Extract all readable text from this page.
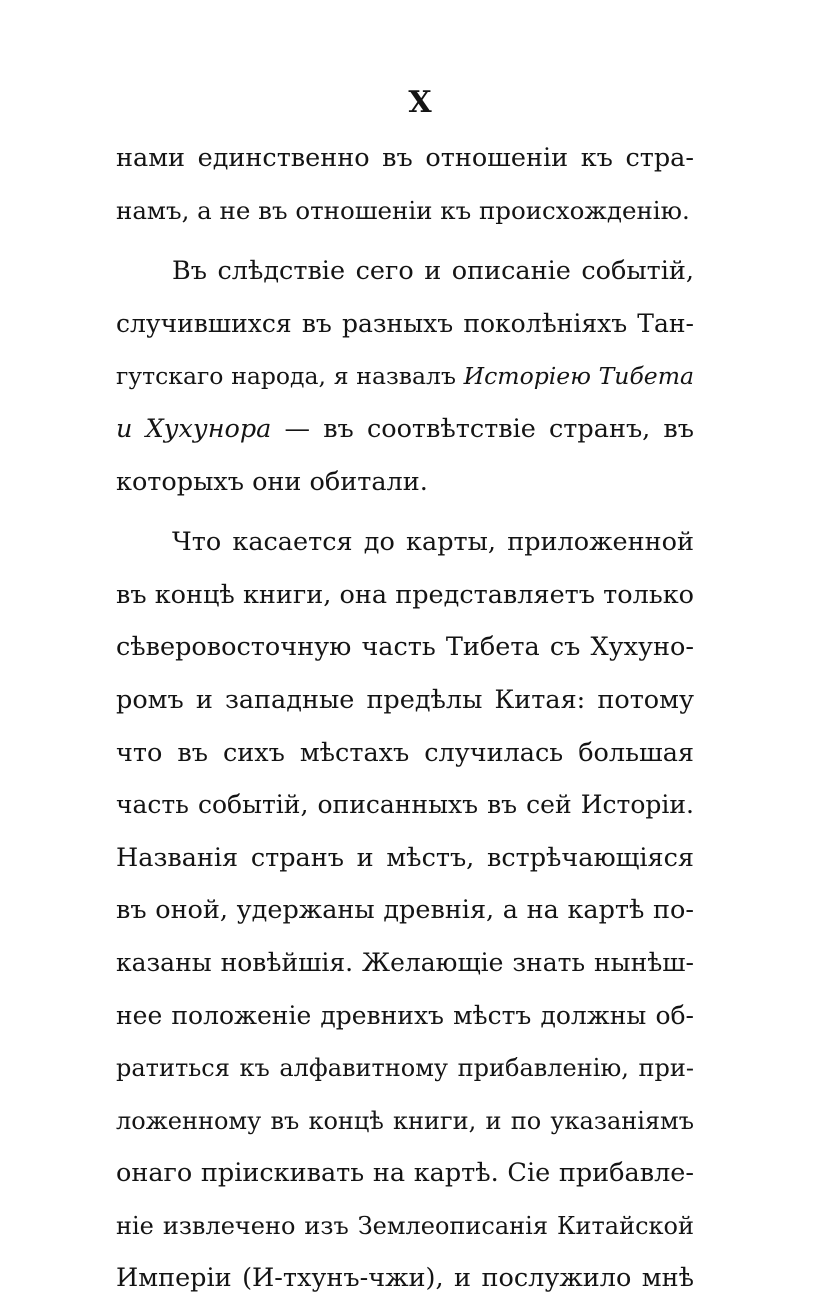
X
нами единственно въ отношеніи къ стра-
намъ, а не въ отношеніи къ происхожденію.
Въ слѣдствіе сего и описаніе событій,
случившихся въ разныхъ поколѣніяхъ Тан-
гутскаго народа, я назвалъ Исторіею Тибета
и Хухунора — въ соотвѣтствіе странъ, въ
которыхъ они обитали.
Что касается до карты, приложенной
въ концѣ книги, она представляетъ только
сѣверовосточную часть Тибета съ Хухуно-
ромъ и западные предѣлы Китая: потому
что въ сихъ мѣстахъ случилась большая
часть событій, описанныхъ въ сей Исторіи.
Названія странъ и мѣстъ, встрѣчающіяся
въ оной, удержаны древнія, а на картѣ по-
казаны новѣйшія. Желающіе знать нынѣш-
нее положеніе древнихъ мѣстъ должны об-
ратиться къ алфавитному прибавленію, при-
ложенному въ концѣ книги, и по указаніямъ
онаго пріискивать на картѣ. Сіе прибавле-
ніе извлечено изъ Землеописанія Китайской
Имперіи (И-тхунъ-чжи), и послужило мнѣ
